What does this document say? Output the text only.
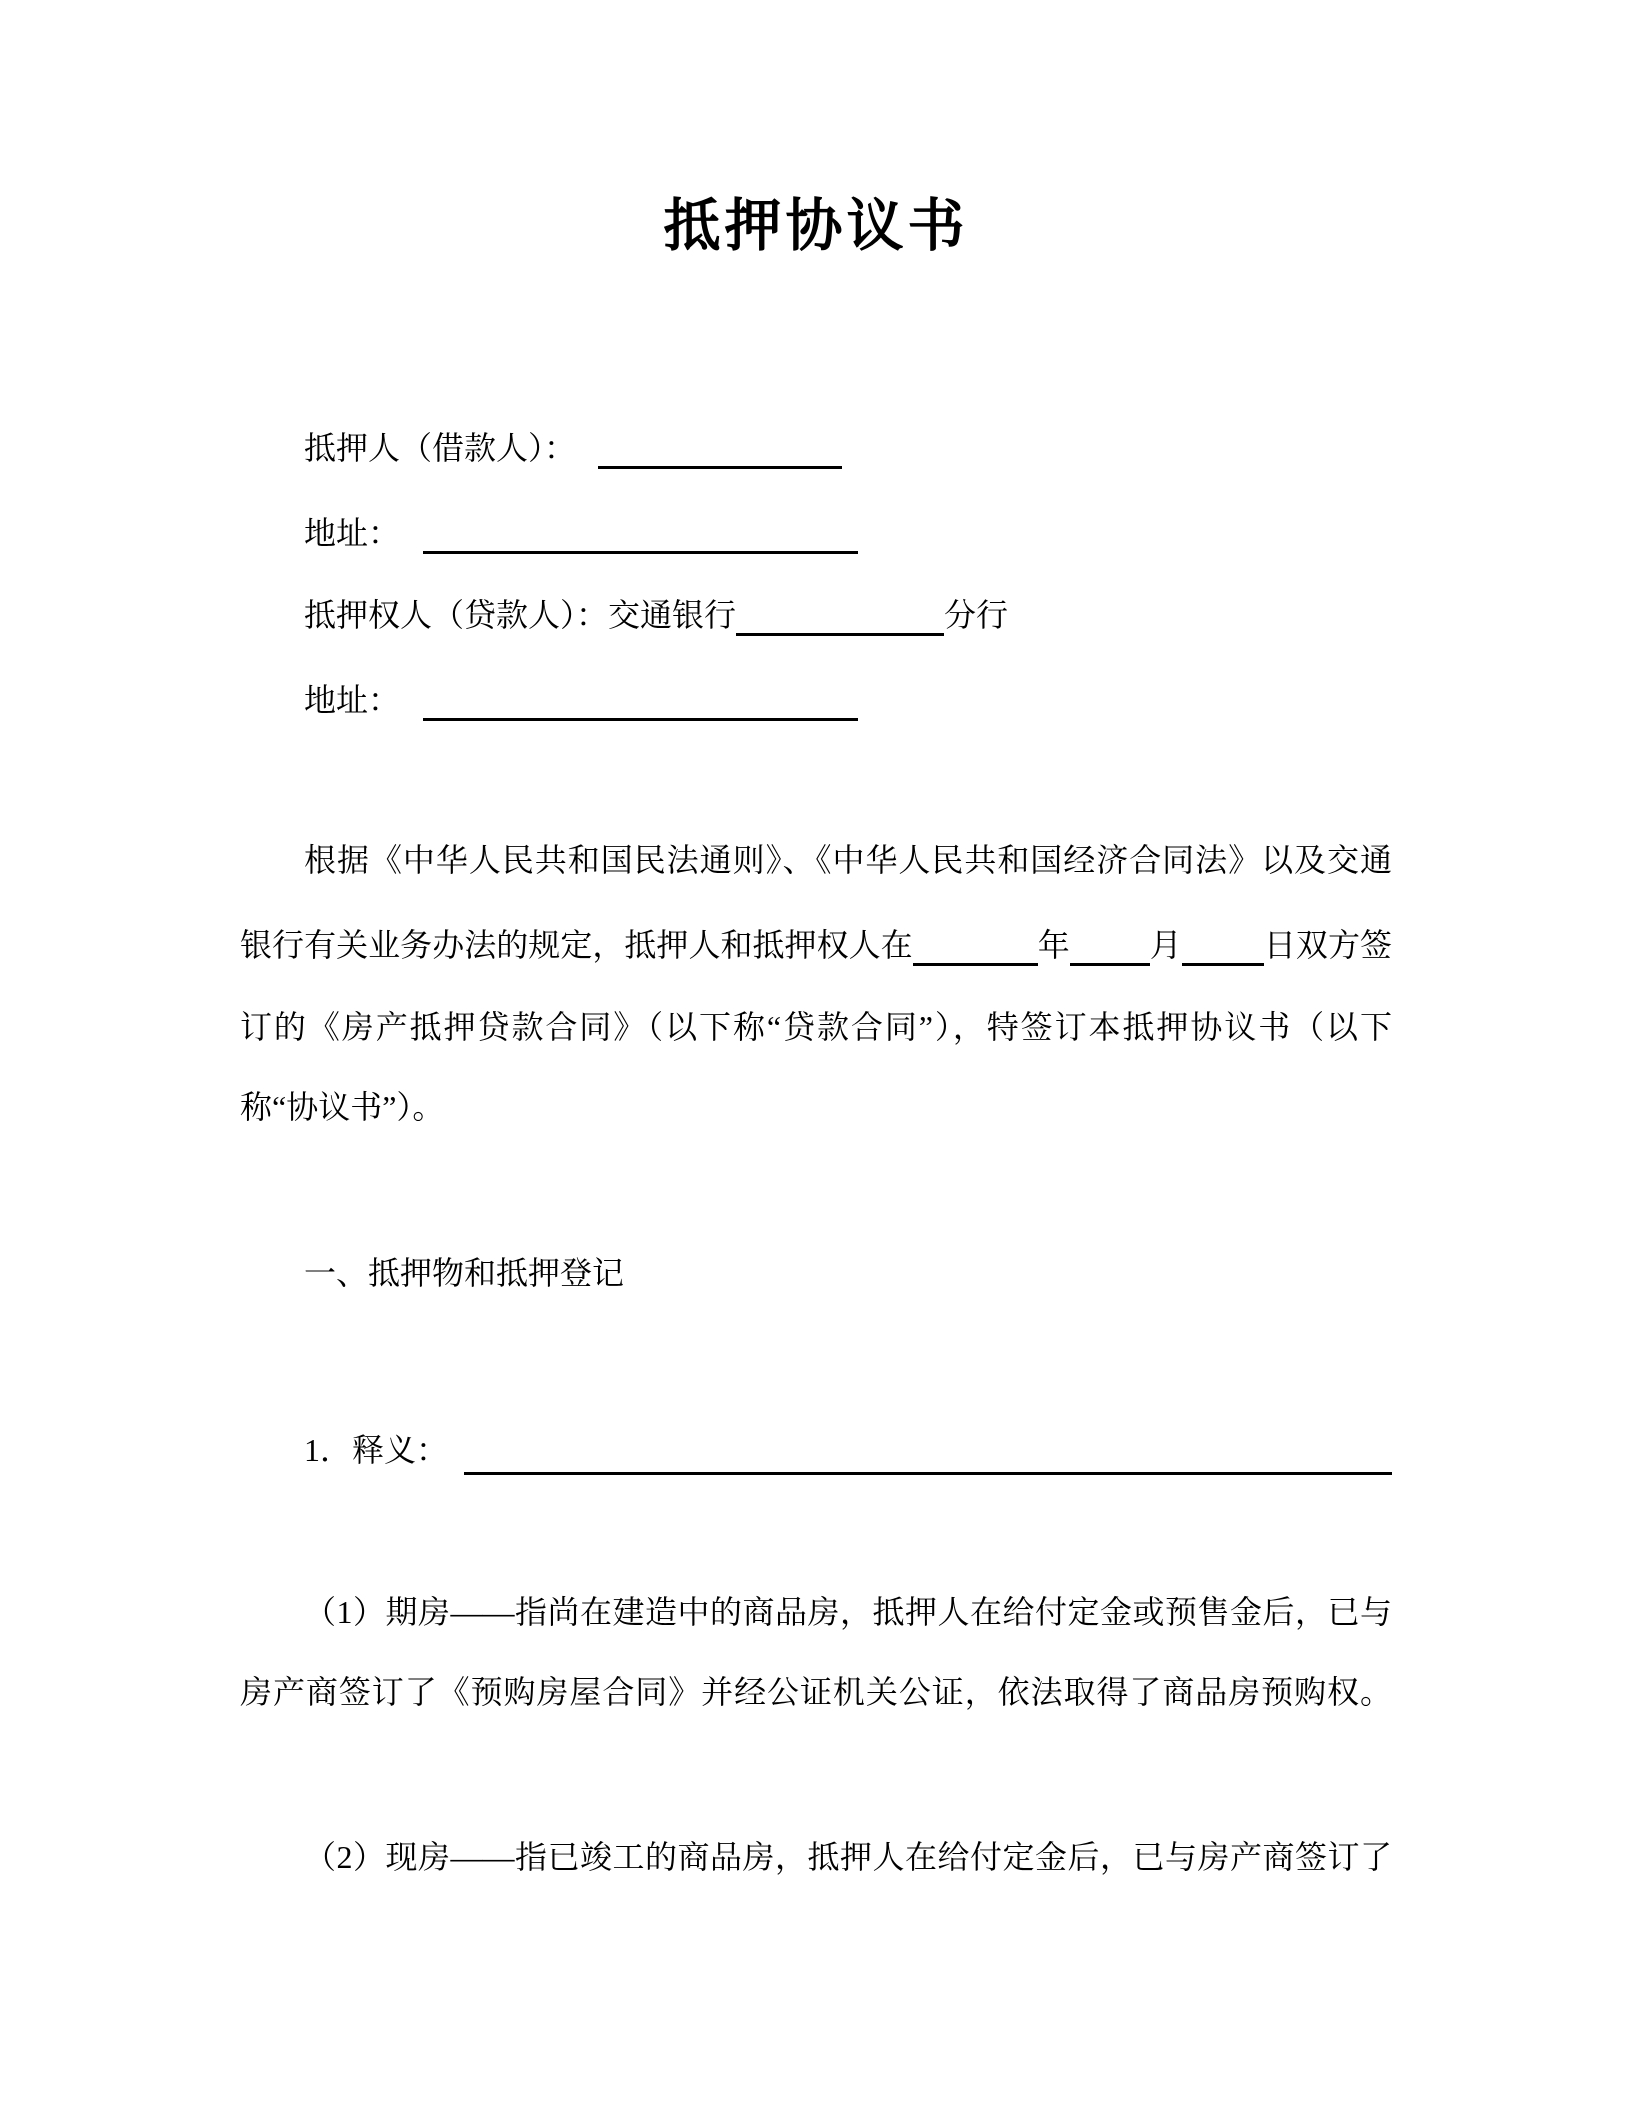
抵押协议书
抵押人（借款人）：
地址：
抵押权人（贷款人）：交通银行	分行
地址：
根据《中华人民共和国民法通则》、《中华人民共和国经济合同法》以及交通
银行有关业务办法的规定，抵押人和抵押权人在	年	月	日双方签
订的《房产抵押贷款合同》（以下称“贷款合同”），特签订本抵押协议书（以下
称“协议书”）。
一、抵押物和抵押登记
1．释义：
（1）期房——指尚在建造中的商品房，抵押人在给付定金或预售金后，已与
房产商签订了《预购房屋合同》并经公证机关公证，依法取得了商品房预购权。
（2）现房——指已竣工的商品房，抵押人在给付定金后，已与房产商签订了
